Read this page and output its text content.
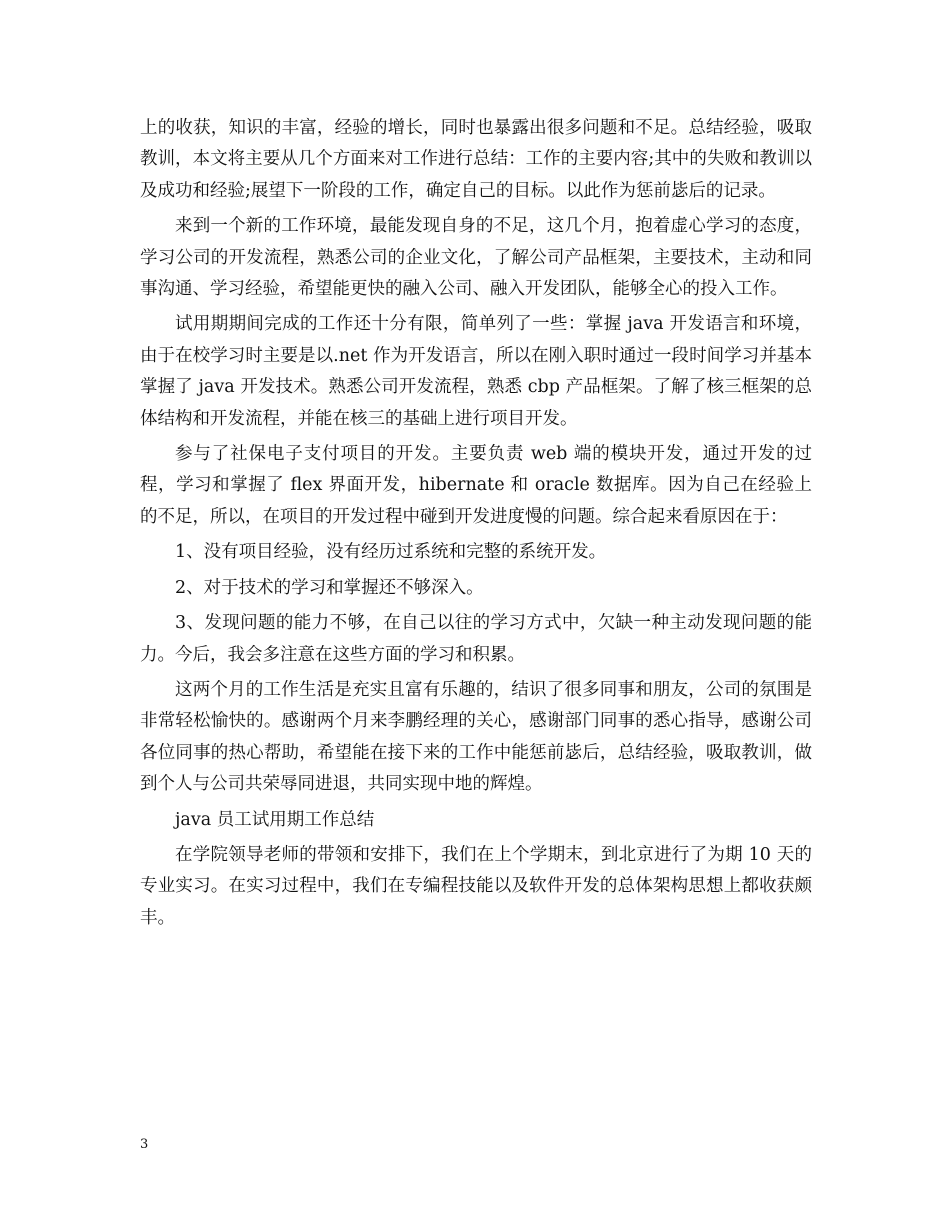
上的收获，知识的丰富，经验的增长，同时也暴露出很多问题和不足。总结经验，吸取教训，本文将主要从几个方面来对工作进行总结：工作的主要内容;其中的失败和教训以及成功和经验;展望下一阶段的工作，确定自己的目标。以此作为惩前毖后的记录。

来到一个新的工作环境，最能发现自身的不足，这几个月，抱着虚心学习的态度，学习公司的开发流程，熟悉公司的企业文化，了解公司产品框架，主要技术，主动和同事沟通、学习经验，希望能更快的融入公司、融入开发团队，能够全心的投入工作。

试用期期间完成的工作还十分有限，简单列了一些：掌握 java 开发语言和环境，由于在校学习时主要是以.net 作为开发语言，所以在刚入职时通过一段时间学习并基本掌握了 java 开发技术。熟悉公司开发流程，熟悉 cbp 产品框架。了解了核三框架的总体结构和开发流程，并能在核三的基础上进行项目开发。

参与了社保电子支付项目的开发。主要负责 web 端的模块开发，通过开发的过程，学习和掌握了 flex 界面开发，hibernate 和 oracle 数据库。因为自己在经验上的不足，所以，在项目的开发过程中碰到开发进度慢的问题。综合起来看原因在于：

1、没有项目经验，没有经历过系统和完整的系统开发。

2、对于技术的学习和掌握还不够深入。

3、发现问题的能力不够，在自己以往的学习方式中，欠缺一种主动发现问题的能力。今后，我会多注意在这些方面的学习和积累。

这两个月的工作生活是充实且富有乐趣的，结识了很多同事和朋友，公司的氛围是非常轻松愉快的。感谢两个月来李鹏经理的关心，感谢部门同事的悉心指导，感谢公司各位同事的热心帮助，希望能在接下来的工作中能惩前毖后，总结经验，吸取教训，做到个人与公司共荣辱同进退，共同实现中地的辉煌。

java 员工试用期工作总结

在学院领导老师的带领和安排下，我们在上个学期末，到北京进行了为期 10 天的专业实习。在实习过程中，我们在专编程技能以及软件开发的总体架构思想上都收获颇丰。

3
